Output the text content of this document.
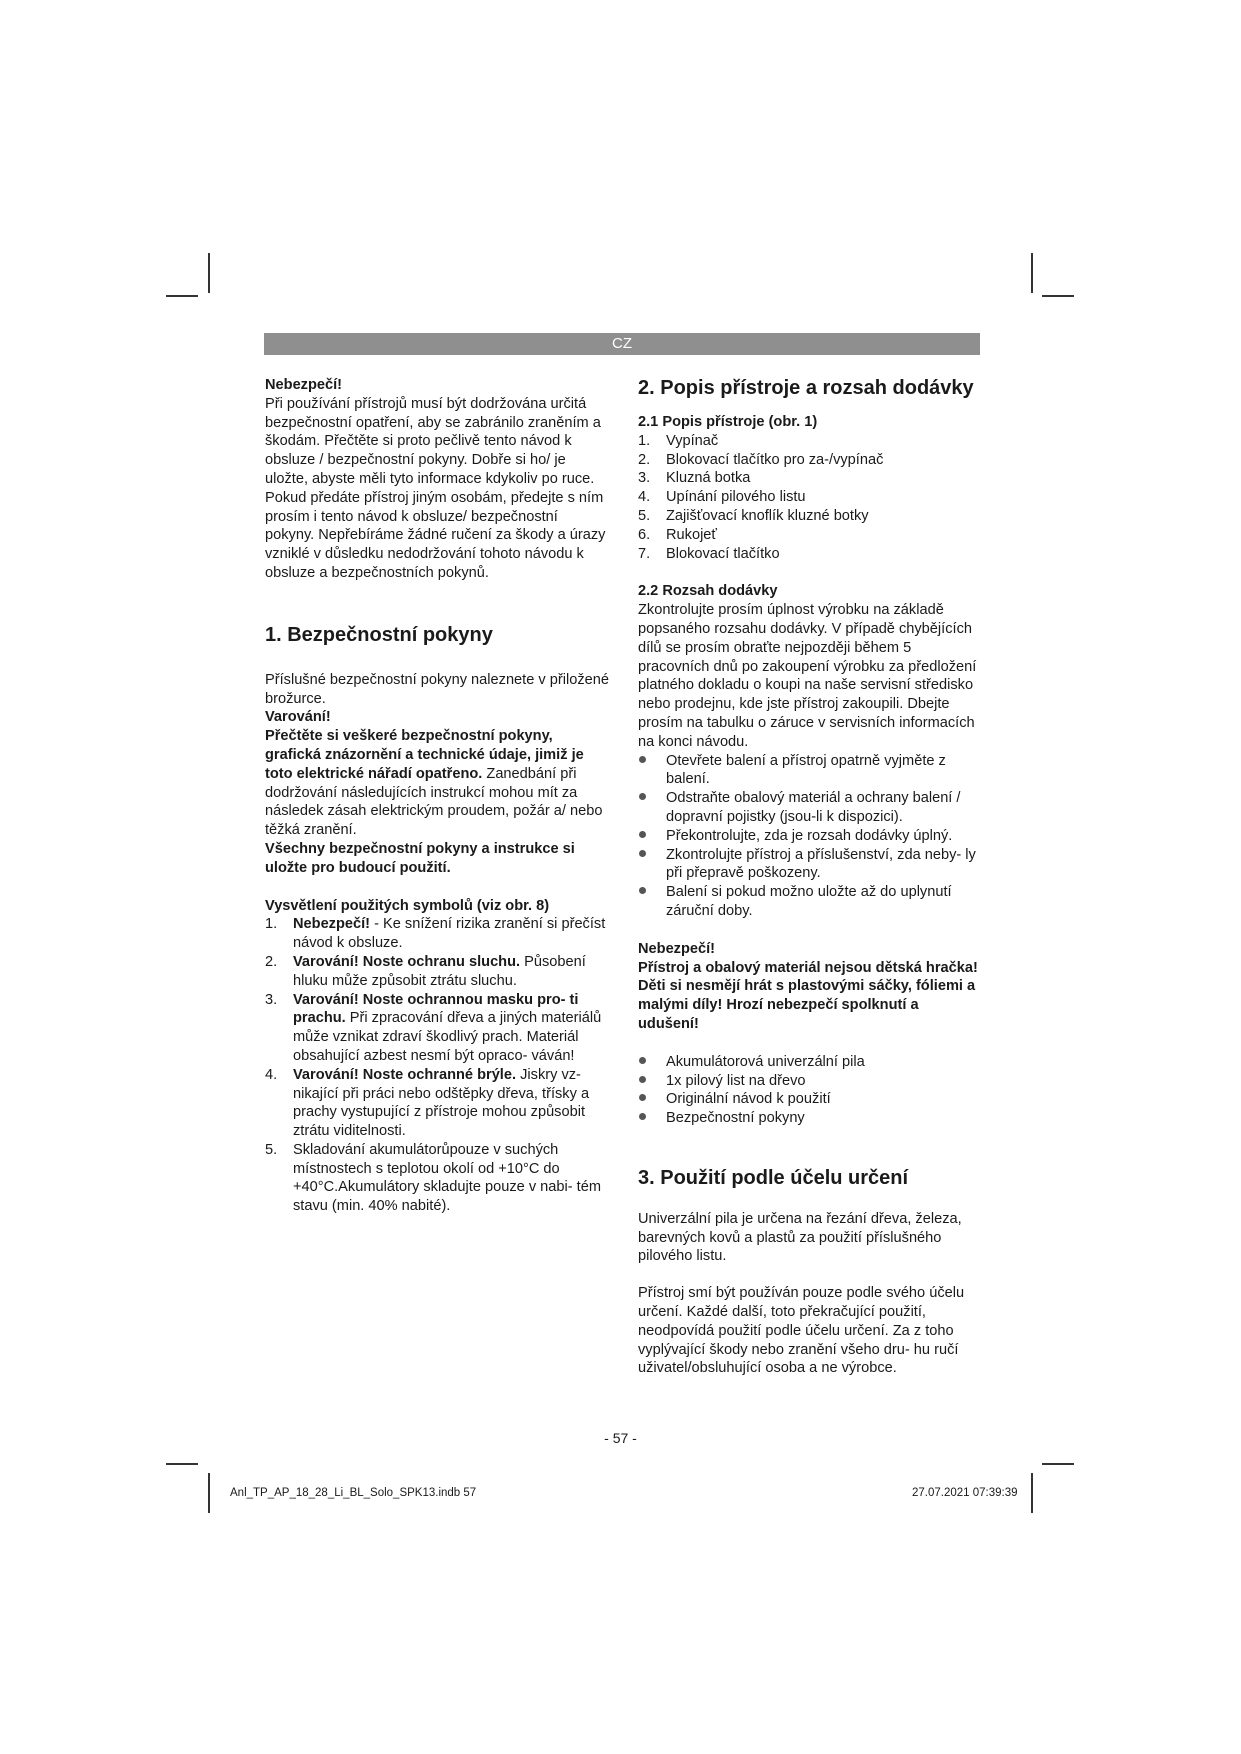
CZ
Nebezpečí!

Při používání přístrojů musí být dodržována určitá bezpečnostní opatření, aby se zabránilo zraněním a škodám. Přečtěte si proto pečlivě tento návod k obsluze / bezpečnostní pokyny. Dobře si ho/ je uložte, abyste měli tyto informace kdykoliv po ruce. Pokud předáte přístroj jiným osobám, předejte s ním prosím i tento návod k obsluze/ bezpečnostní pokyny. Nepřebíráme žádné ručení za škody a úrazy vzniklé v důsledku nedodržování tohoto návodu k obsluze a bezpečnostních pokynů.

1. Bezpečnostní pokyny

Příslušné bezpečnostní pokyny naleznete v přiložené brožurce.

Varování!

Přečtěte si veškeré bezpečnostní pokyny, grafická znázornění a technické údaje, jimiž je toto elektrické nářadí opatřeno. Zanedbání při dodržování následujících instrukcí mohou mít za následek zásah elektrickým proudem, požár a/ nebo těžká zranění.

Všechny bezpečnostní pokyny a instrukce si uložte pro budoucí použití.

Vysvětlení použitých symbolů (viz obr. 8)
1. Nebezpečí! - Ke snížení rizika zranění si přečíst návod k obsluze.
2. Varování! Noste ochranu sluchu. Působení hluku může způsobit ztrátu sluchu.
3. Varování! Noste ochrannou masku pro- ti prachu. Při zpracování dřeva a jiných materiálů může vznikat zdraví škodlivý prach. Materiál obsahující azbest nesmí být opraco- váván!
4. Varování! Noste ochranné brýle. Jiskry vz- nikající při práci nebo odštěpky dřeva, třísky a prachy vystupující z přístroje mohou způsobit ztrátu viditelnosti.
5. Skladování akumulátorůpouze v suchých místnostech s teplotou okolí od +10°C do +40°C.Akumulátory skladujte pouze v nabi- tém stavu (min. 40% nabité).
2. Popis přístroje a rozsah dodávky
2.1 Popis přístroje (obr. 1)
1. Vypínač
2. Blokovací tlačítko pro za-/vypínač
3. Kluzná botka
4. Upínání pilového listu
5. Zajišťovací knoflík kluzné botky
6. Rukojeť
7. Blokovací tlačítko
2.2 Rozsah dodávky

Zkontrolujte prosím úplnost výrobku na základě popsaného rozsahu dodávky. V případě chybějících dílů se prosím obraťte nejpozději během 5 pracovních dnů po zakoupení výrobku za předložení platného dokladu o koupi na naše servisní středisko nebo prodejnu, kde jste přístroj zakoupili. Dbejte prosím na tabulku o záruce v servisních informacích na konci návodu.

Otevřete balení a přístroj opatrně vyjměte z balení.
Odstraňte obalový materiál a ochrany balení / dopravní pojistky (jsou-li k dispozici).
Překontrolujte, zda je rozsah dodávky úplný.
Zkontrolujte přístroj a příslušenství, zda neby- ly při přepravě poškozeny.
Balení si pokud možno uložte až do uplynutí záruční doby.
Nebezpečí!

Přístroj a obalový materiál nejsou dětská hračka! Děti si nesmějí hrát s plastovými sáčky, fóliemi a malými díly! Hrozí nebezpečí spolknutí a udušení!

Akumulátorová univerzální pila
1x pilový list na dřevo
Originální návod k použití
Bezpečnostní pokyny
3. Použití podle účelu určení

Univerzální pila je určena na řezání dřeva, železa, barevných kovů a plastů za použití příslušného pilového listu.

Přístroj smí být používán pouze podle svého účelu určení. Každé další, toto překračující použití, neodpovídá použití podle účelu určení. Za z toho vyplývající škody nebo zranění všeho dru- hu ručí uživatel/obsluhující osoba a ne výrobce.

- 57 -
Anl_TP_AP_18_28_Li_BL_Solo_SPK13.indb 57	27.07.2021 07:39:39
